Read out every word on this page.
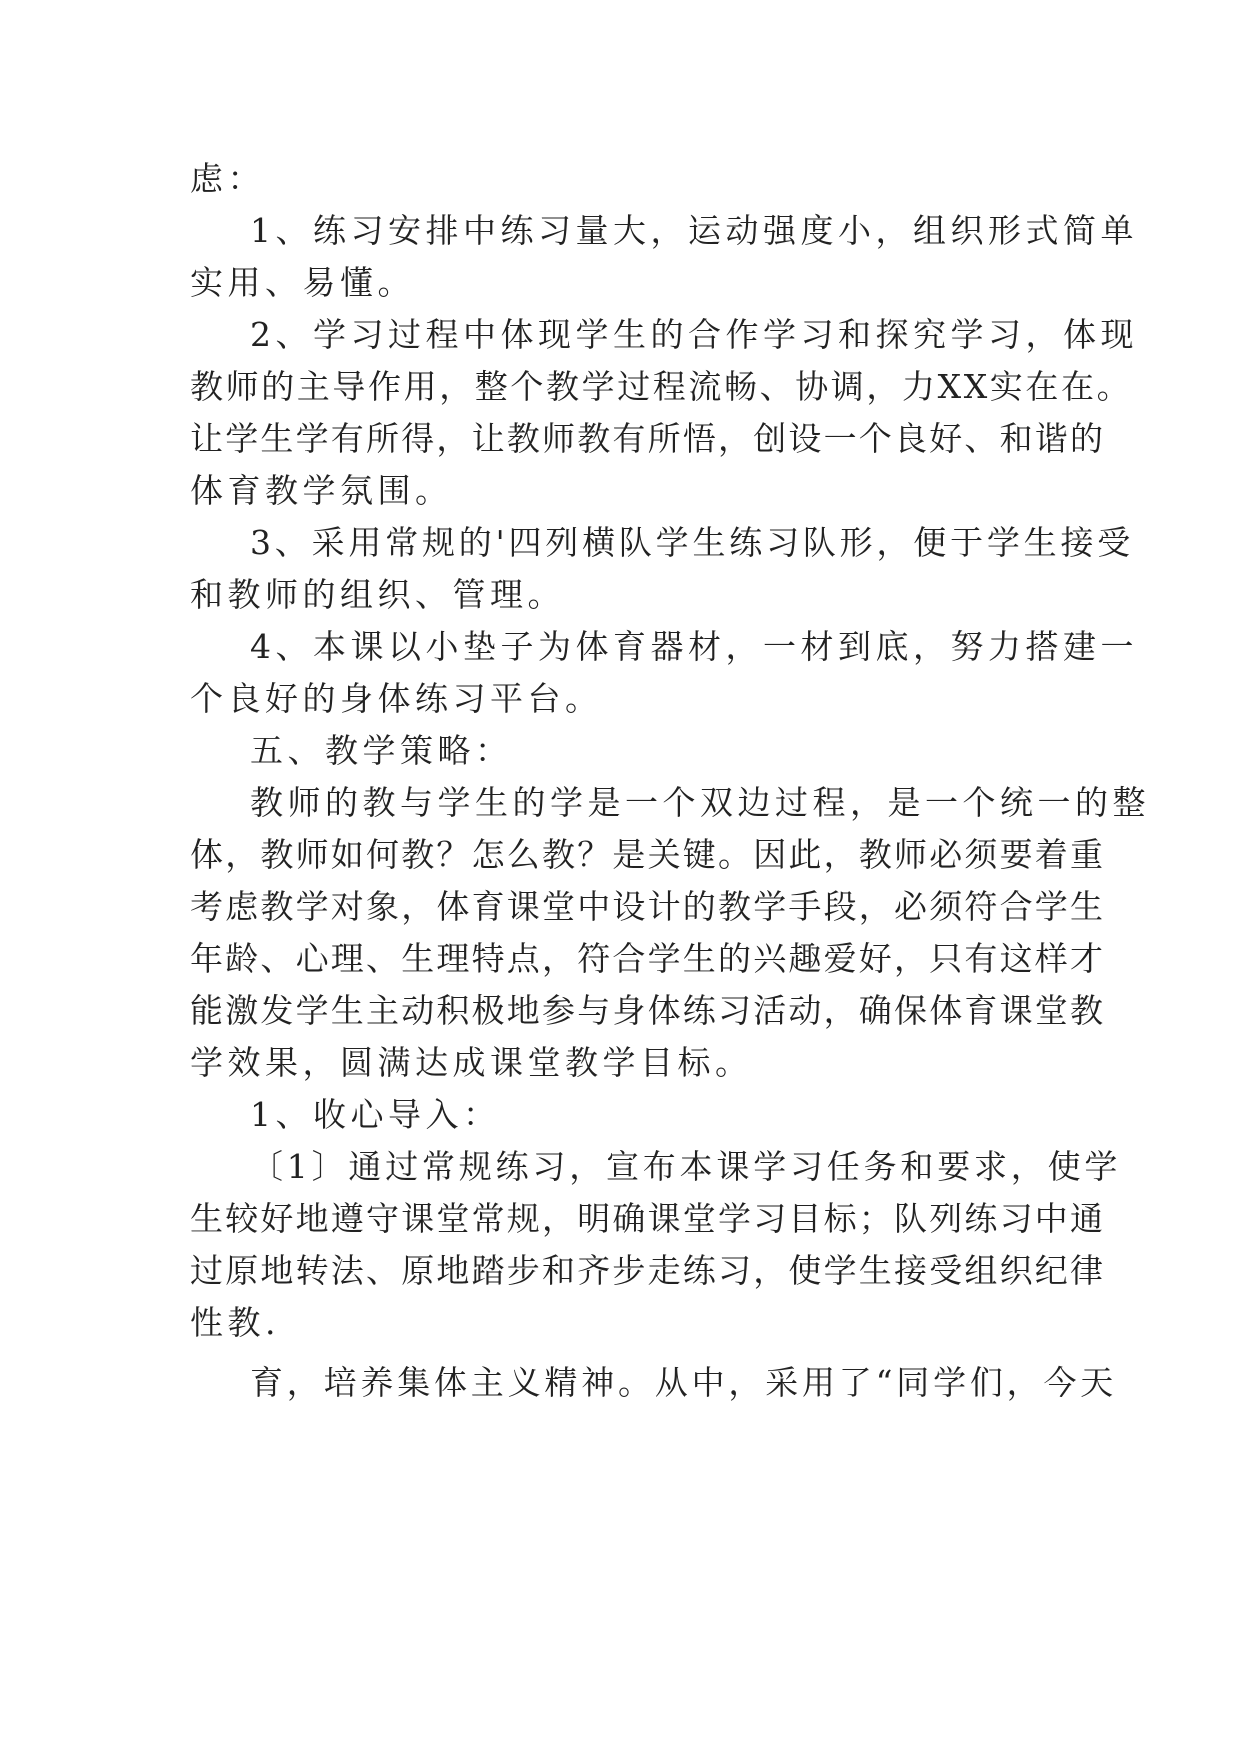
虑：
1、练习安排中练习量大，运动强度小，组织形式简单
实用、易懂。
2、学习过程中体现学生的合作学习和探究学习，体现
教师的主导作用，整个教学过程流畅、协调，力XX实在在。
让学生学有所得，让教师教有所悟，创设一个良好、和谐的
体育教学氛围。
3、采用常规的'四列横队学生练习队形，便于学生接受
和教师的组织、管理。
4、本课以小垫子为体育器材，一材到底，努力搭建一
个良好的身体练习平台。
五、教学策略：
教师的教与学生的学是一个双边过程，是一个统一的整
体，教师如何教？怎么教？是关键。因此，教师必须要着重
考虑教学对象，体育课堂中设计的教学手段，必须符合学生
年龄、心理、生理特点，符合学生的兴趣爱好，只有这样才
能激发学生主动积极地参与身体练习活动，确保体育课堂教
学效果，圆满达成课堂教学目标。
1、收心导入：
〔1〕通过常规练习，宣布本课学习任务和要求，使学
生较好地遵守课堂常规，明确课堂学习目标；队列练习中通
过原地转法、原地踏步和齐步走练习，使学生接受组织纪律
性教.
育，培养集体主义精神。从中，采用了“同学们，今天
